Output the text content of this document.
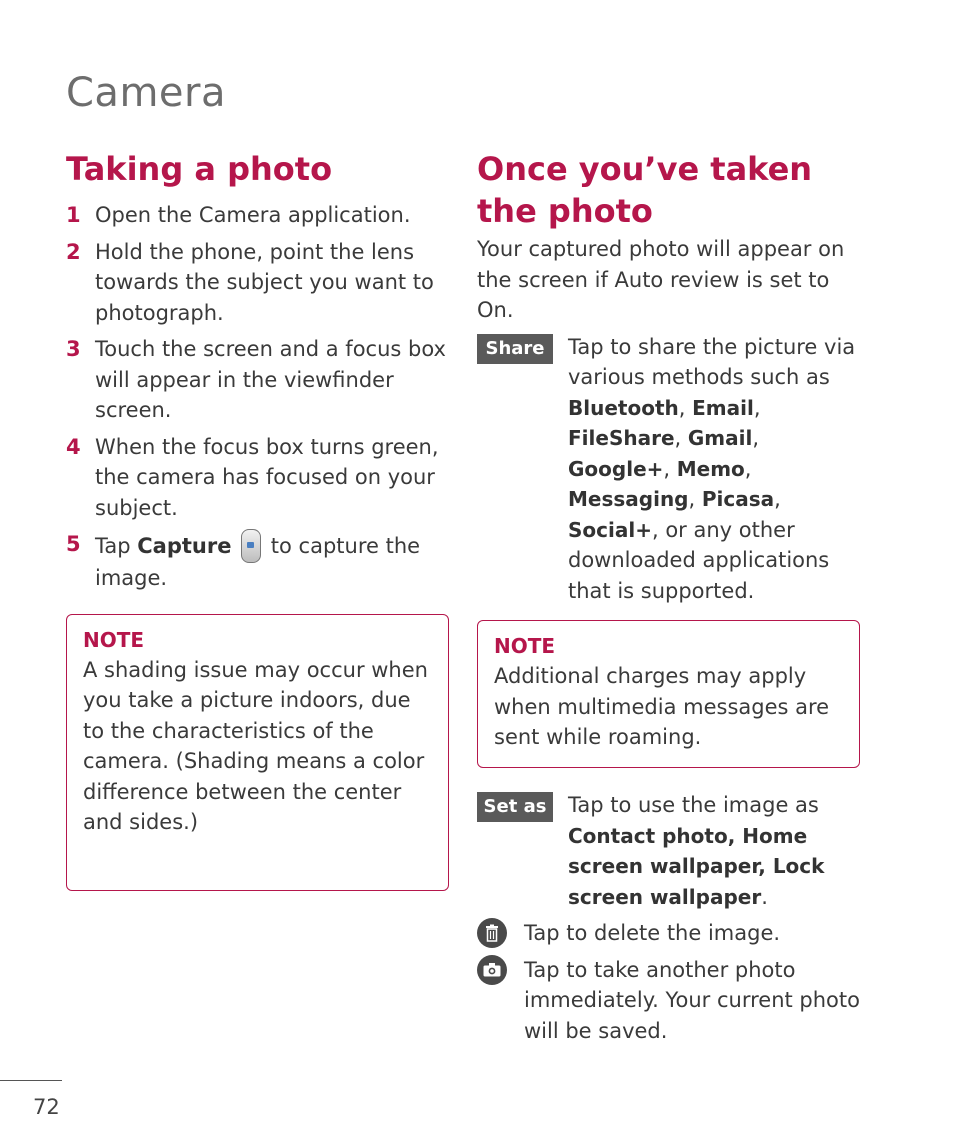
Camera
Taking a photo
1 Open the Camera application.
2 Hold the phone, point the lens towards the subject you want to photograph.
3 Touch the screen and a focus box will appear in the viewfinder screen.
4 When the focus box turns green, the camera has focused on your subject.
5 Tap Capture  to capture the image.
NOTE
A shading issue may occur when you take a picture indoors, due to the characteristics of the camera. (Shading means a color difference between the center and sides.)
Once you’ve taken the photo

Your captured photo will appear on the screen if Auto review is set to On.

Share	Tap to share the picture via various methods such as Bluetooth, Email, FileShare, Gmail, Google+, Memo, Messaging, Picasa, Social+, or any other downloaded applications that is supported.
NOTE
Additional charges may apply when multimedia messages are sent while roaming.
Set as	Tap to use the image as Contact photo, Home screen wallpaper, Lock screen wallpaper.
Tap to delete the image.
Tap to take another photo immediately. Your current photo will be saved.
72
